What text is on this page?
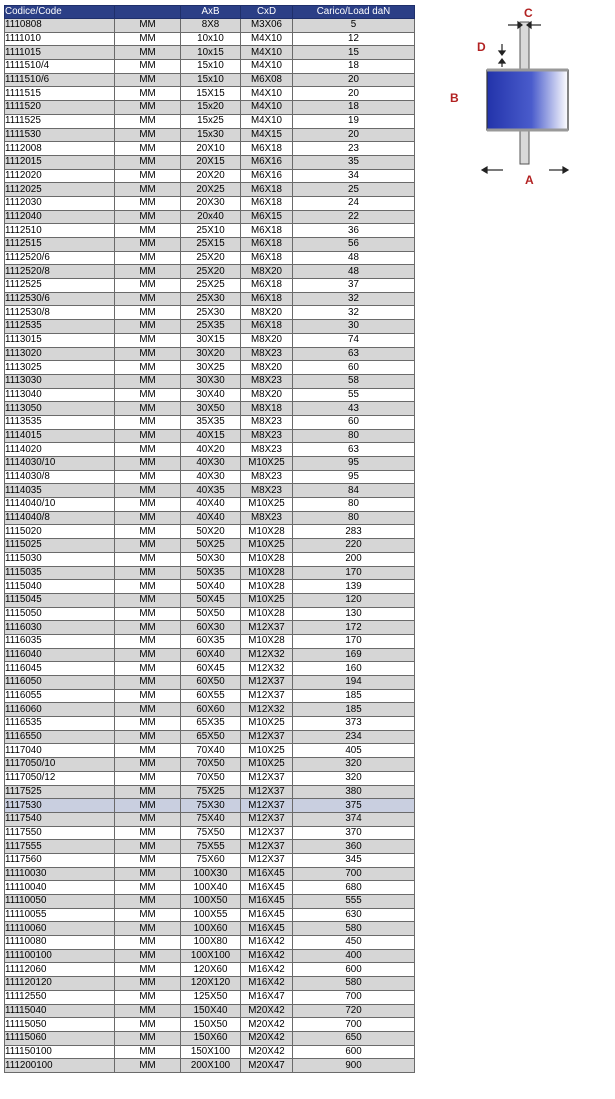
Codice/Code		AxB	CxD	Carico/Load daN
1110808	MM	8X8	M3X06	5
1111010	MM	10x10	M4X10	12
1111015	MM	10x15	M4X10	15
1111510/4	MM	15x10	M4X10	18
1111510/6	MM	15x10	M6X08	20
1111515	MM	15X15	M4X10	20
1111520	MM	15x20	M4X10	18
1111525	MM	15x25	M4X10	19
1111530	MM	15x30	M4X15	20
1112008	MM	20X10	M6X18	23
1112015	MM	20X15	M6X16	35
1112020	MM	20X20	M6X16	34
1112025	MM	20X25	M6X18	25
1112030	MM	20X30	M6X18	24
1112040	MM	20x40	M6X15	22
1112510	MM	25X10	M6X18	36
1112515	MM	25X15	M6X18	56
1112520/6	MM	25X20	M6X18	48
1112520/8	MM	25X20	M8X20	48
1112525	MM	25X25	M6X18	37
1112530/6	MM	25X30	M6X18	32
1112530/8	MM	25X30	M8X20	32
1112535	MM	25X35	M6X18	30
1113015	MM	30X15	M8X20	74
1113020	MM	30X20	M8X23	63
1113025	MM	30X25	M8X20	60
1113030	MM	30X30	M8X23	58
1113040	MM	30X40	M8X20	55
1113050	MM	30X50	M8X18	43
1113535	MM	35X35	M8X23	60
1114015	MM	40X15	M8X23	80
1114020	MM	40X20	M8X23	63
1114030/10	MM	40X30	M10X25	95
1114030/8	MM	40X30	M8X23	95
1114035	MM	40X35	M8X23	84
1114040/10	MM	40X40	M10X25	80
1114040/8	MM	40X40	M8X23	80
1115020	MM	50X20	M10X28	283
1115025	MM	50X25	M10X25	220
1115030	MM	50X30	M10X28	200
1115035	MM	50X35	M10X28	170
1115040	MM	50X40	M10X28	139
1115045	MM	50X45	M10X25	120
1115050	MM	50X50	M10X28	130
1116030	MM	60X30	M12X37	172
1116035	MM	60X35	M10X28	170
1116040	MM	60X40	M12X32	169
1116045	MM	60X45	M12X32	160
1116050	MM	60X50	M12X37	194
1116055	MM	60X55	M12X37	185
1116060	MM	60X60	M12X32	185
1116535	MM	65X35	M10X25	373
1116550	MM	65X50	M12X37	234
1117040	MM	70X40	M10X25	405
1117050/10	MM	70X50	M10X25	320
1117050/12	MM	70X50	M12X37	320
1117525	MM	75X25	M12X37	380
1117530	MM	75X30	M12X37	375
1117540	MM	75X40	M12X37	374
1117550	MM	75X50	M12X37	370
1117555	MM	75X55	M12X37	360
1117560	MM	75X60	M12X37	345
11110030	MM	100X30	M16X45	700
11110040	MM	100X40	M16X45	680
11110050	MM	100X50	M16X45	555
11110055	MM	100X55	M16X45	630
11110060	MM	100X60	M16X45	580
11110080	MM	100X80	M16X42	450
111100100	MM	100X100	M16X42	400
11112060	MM	120X60	M16X42	600
111120120	MM	120X120	M16X42	580
11112550	MM	125X50	M16X47	700
11115040	MM	150X40	M20X42	720
11115050	MM	150X50	M20X42	700
11115060	MM	150X60	M20X42	650
111150100	MM	150X100	M20X42	600
111200100	MM	200X100	M20X47	900
C
D
B
A
